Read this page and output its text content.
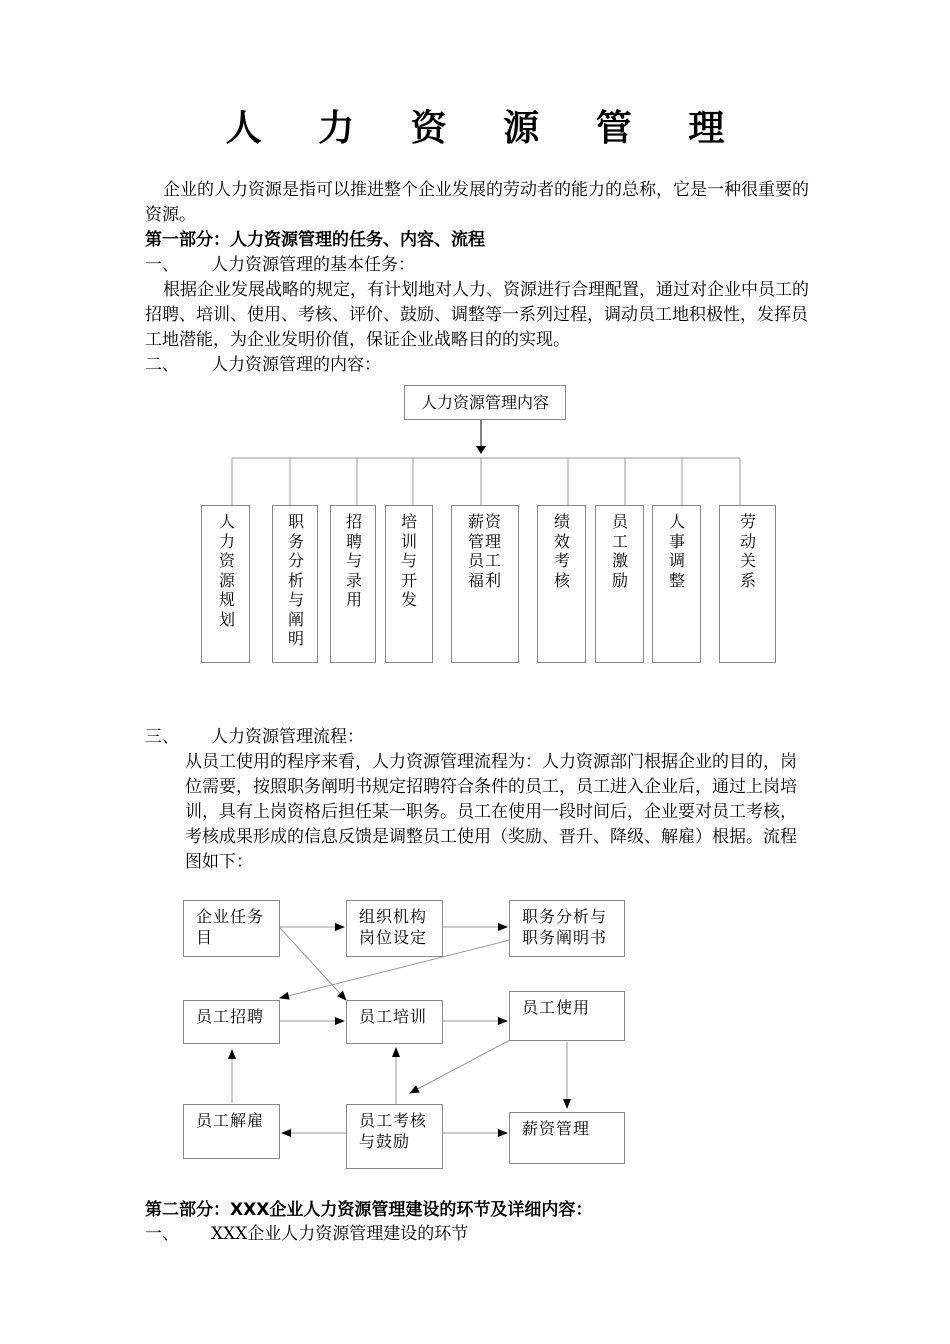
人 力 资 源 管 理
企业的人力资源是指可以推进整个企业发展的劳动者的能力的总称，它是一种很重要的资源。
第一部分：人力资源管理的任务、内容、流程
一、 人力资源管理的基本任务：
根据企业发展战略的规定，有计划地对人力、资源进行合理配置，通过对企业中员工的招聘、培训、使用、考核、评价、鼓励、调整等一系列过程，调动员工地积极性，发挥员工地潜能，为企业发明价值，保证企业战略目的的实现。
二、 人力资源管理的内容：
人力资源管理内容
人
力
资
源
规
划
职
务
分
析
与
阐
明
招
聘
与
录
用
培
训
与
开
发
薪资
管理
员工
福利
绩
效
考
核
员
工
激
励
人
事
调
整
劳
动
关
系
三、 人力资源管理流程：
从员工使用的程序来看，人力资源管理流程为：人力资源部门根据企业的目的，岗位需要，按照职务阐明书规定招聘符合条件的员工，员工进入企业后，通过上岗培训，具有上岗资格后担任某一职务。员工在使用一段时间后，企业要对员工考核，考核成果形成的信息反馈是调整员工使用（奖励、晋升、降级、解雇）根据。流程图如下：
企业任务目
组织机构岗位设定
职务分析与职务阐明书
员工招聘	员工培训	员工使用
员工解雇	员工考核与鼓励
薪资管理
第二部分：XXX企业人力资源管理建设的环节及详细内容：
一、 XXX企业人力资源管理建设的环节
